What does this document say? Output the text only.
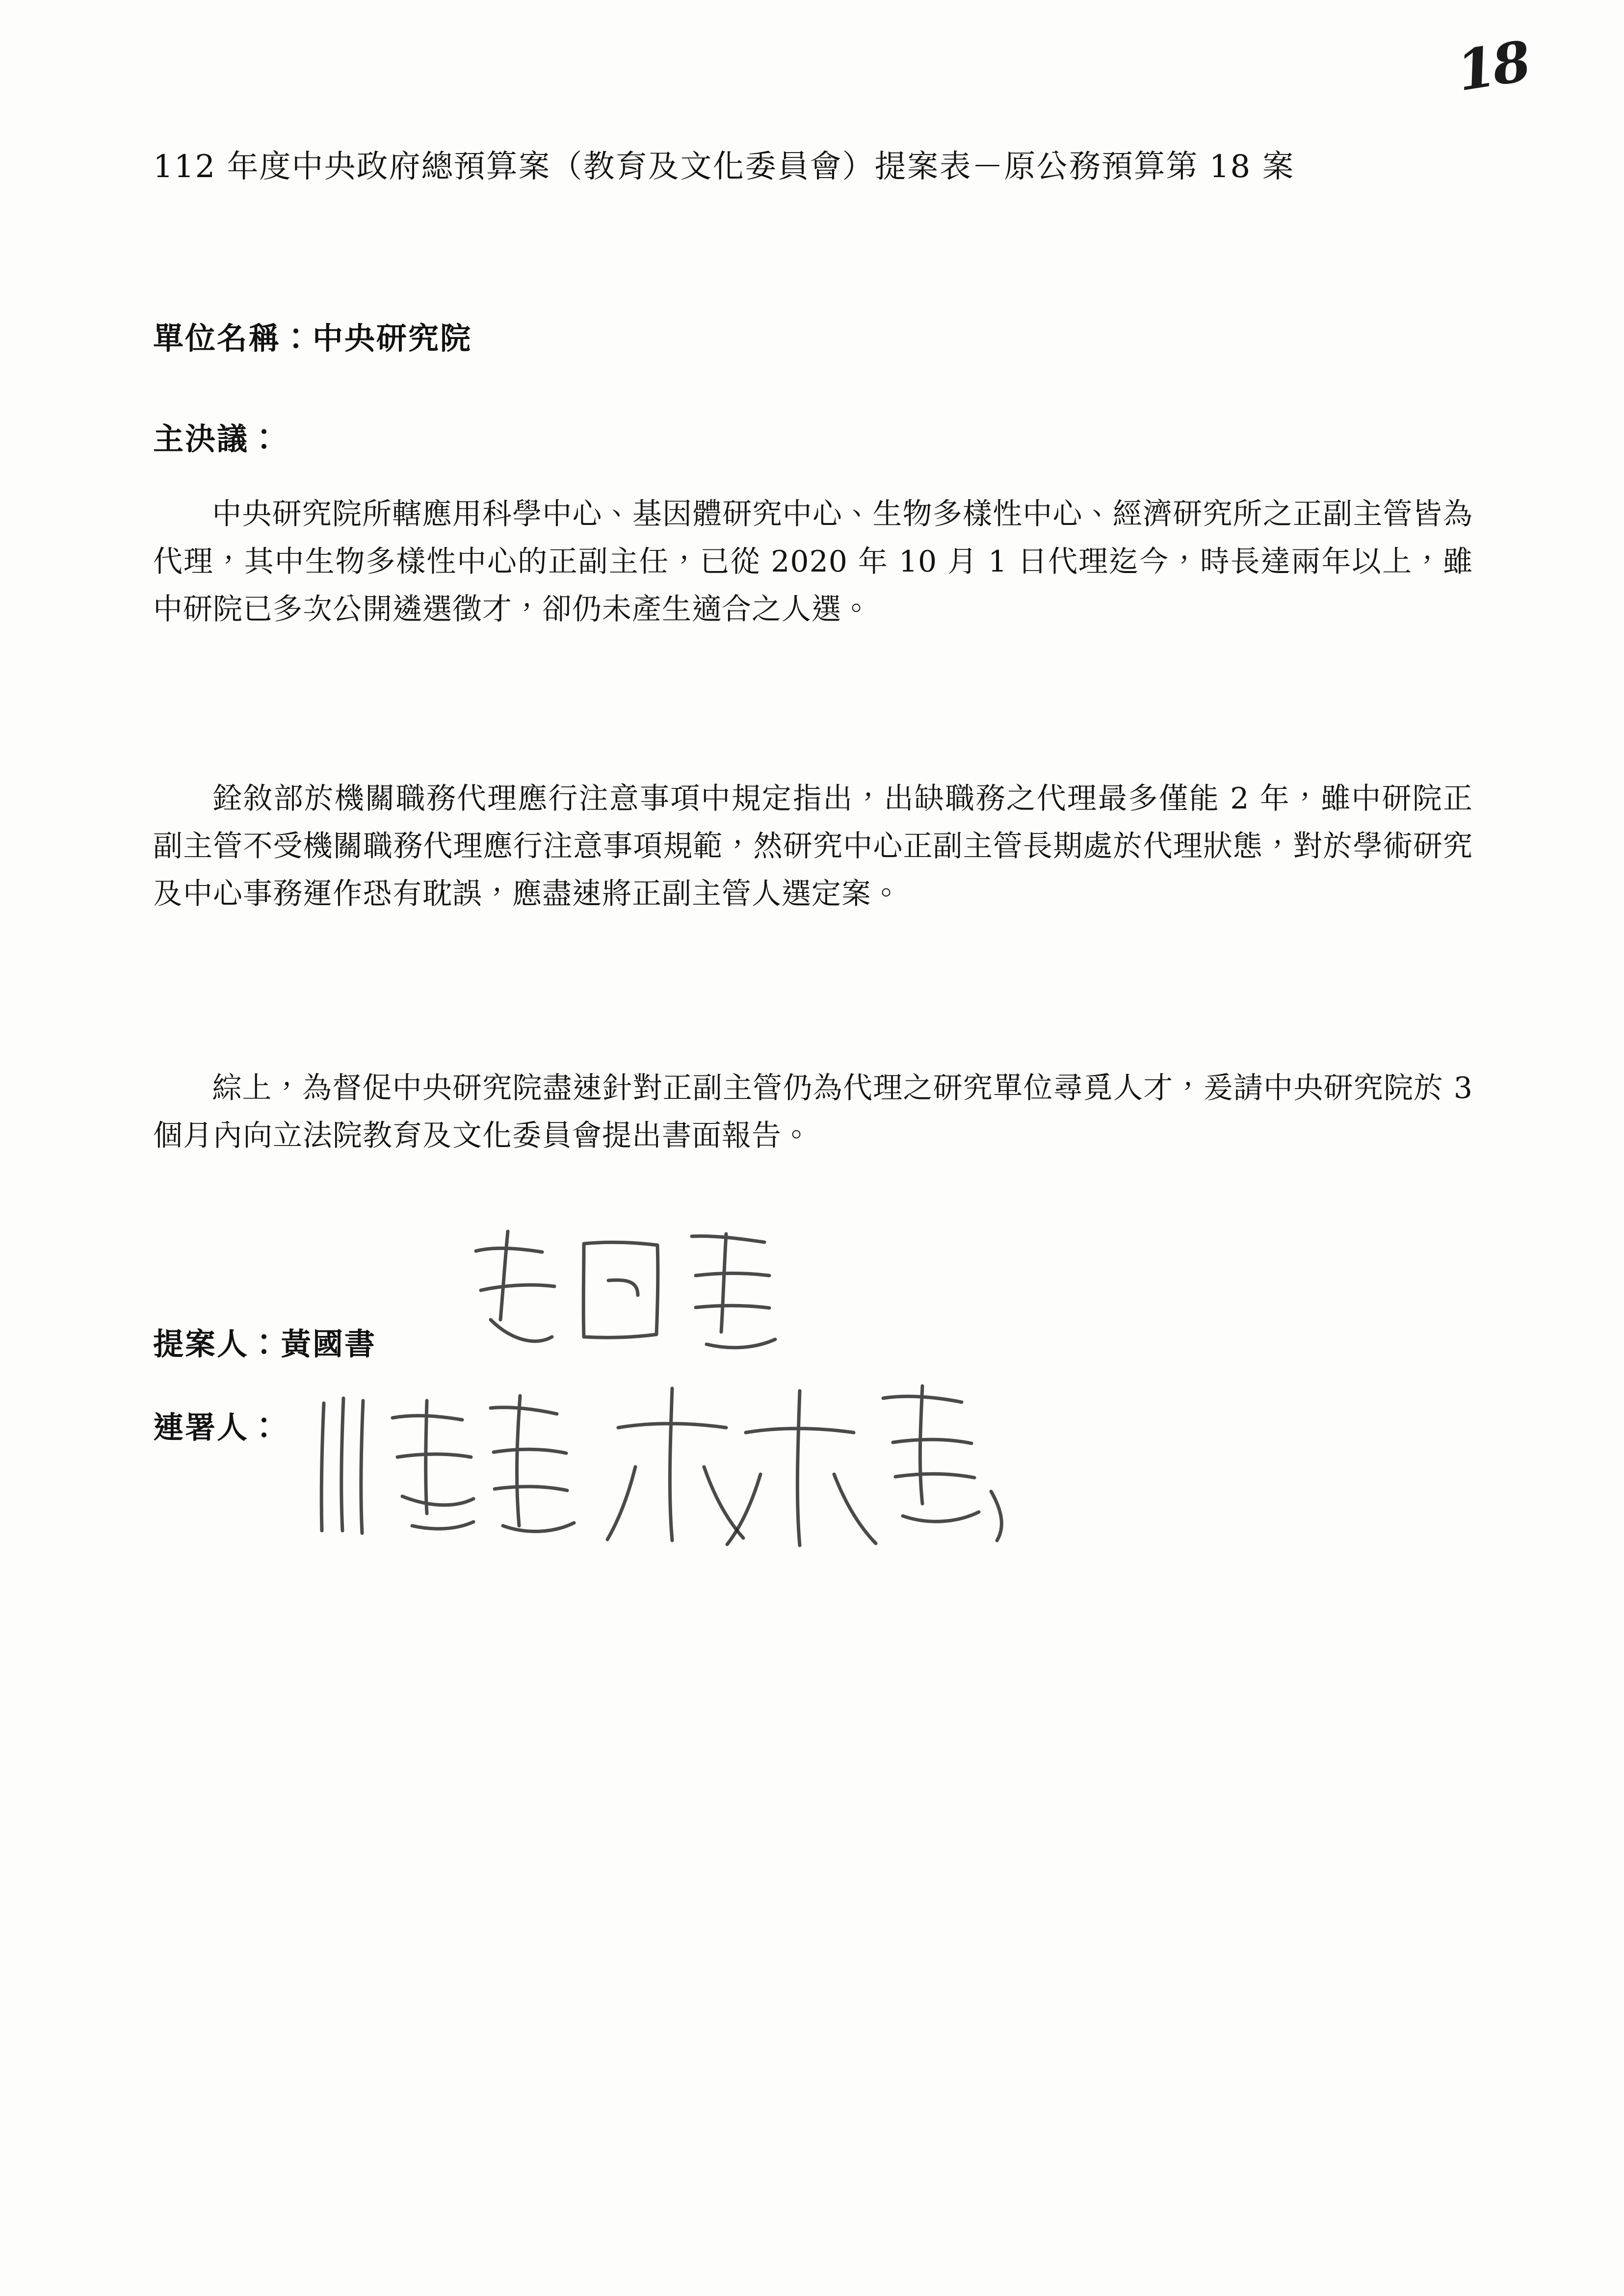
18
112 年度中央政府總預算案（教育及文化委員會）提案表－原公務預算第 18 案
單位名稱：中央研究院
主決議：
中央研究院所轄應用科學中心、基因體研究中心、生物多樣性中心、經濟研究所之正副主管皆為代理，其中生物多樣性中心的正副主任，已從 2020 年 10 月 1 日代理迄今，時長達兩年以上，雖中研院已多次公開遴選徵才，卻仍未產生適合之人選。
銓敘部於機關職務代理應行注意事項中規定指出，出缺職務之代理最多僅能 2 年，雖中研院正副主管不受機關職務代理應行注意事項規範，然研究中心正副主管長期處於代理狀態，對於學術研究及中心事務運作恐有耽誤，應盡速將正副主管人選定案。
綜上，為督促中央研究院盡速針對正副主管仍為代理之研究單位尋覓人才，爰請中央研究院於 3 個月內向立法院教育及文化委員會提出書面報告。
提案人：黃國書
連署人：
